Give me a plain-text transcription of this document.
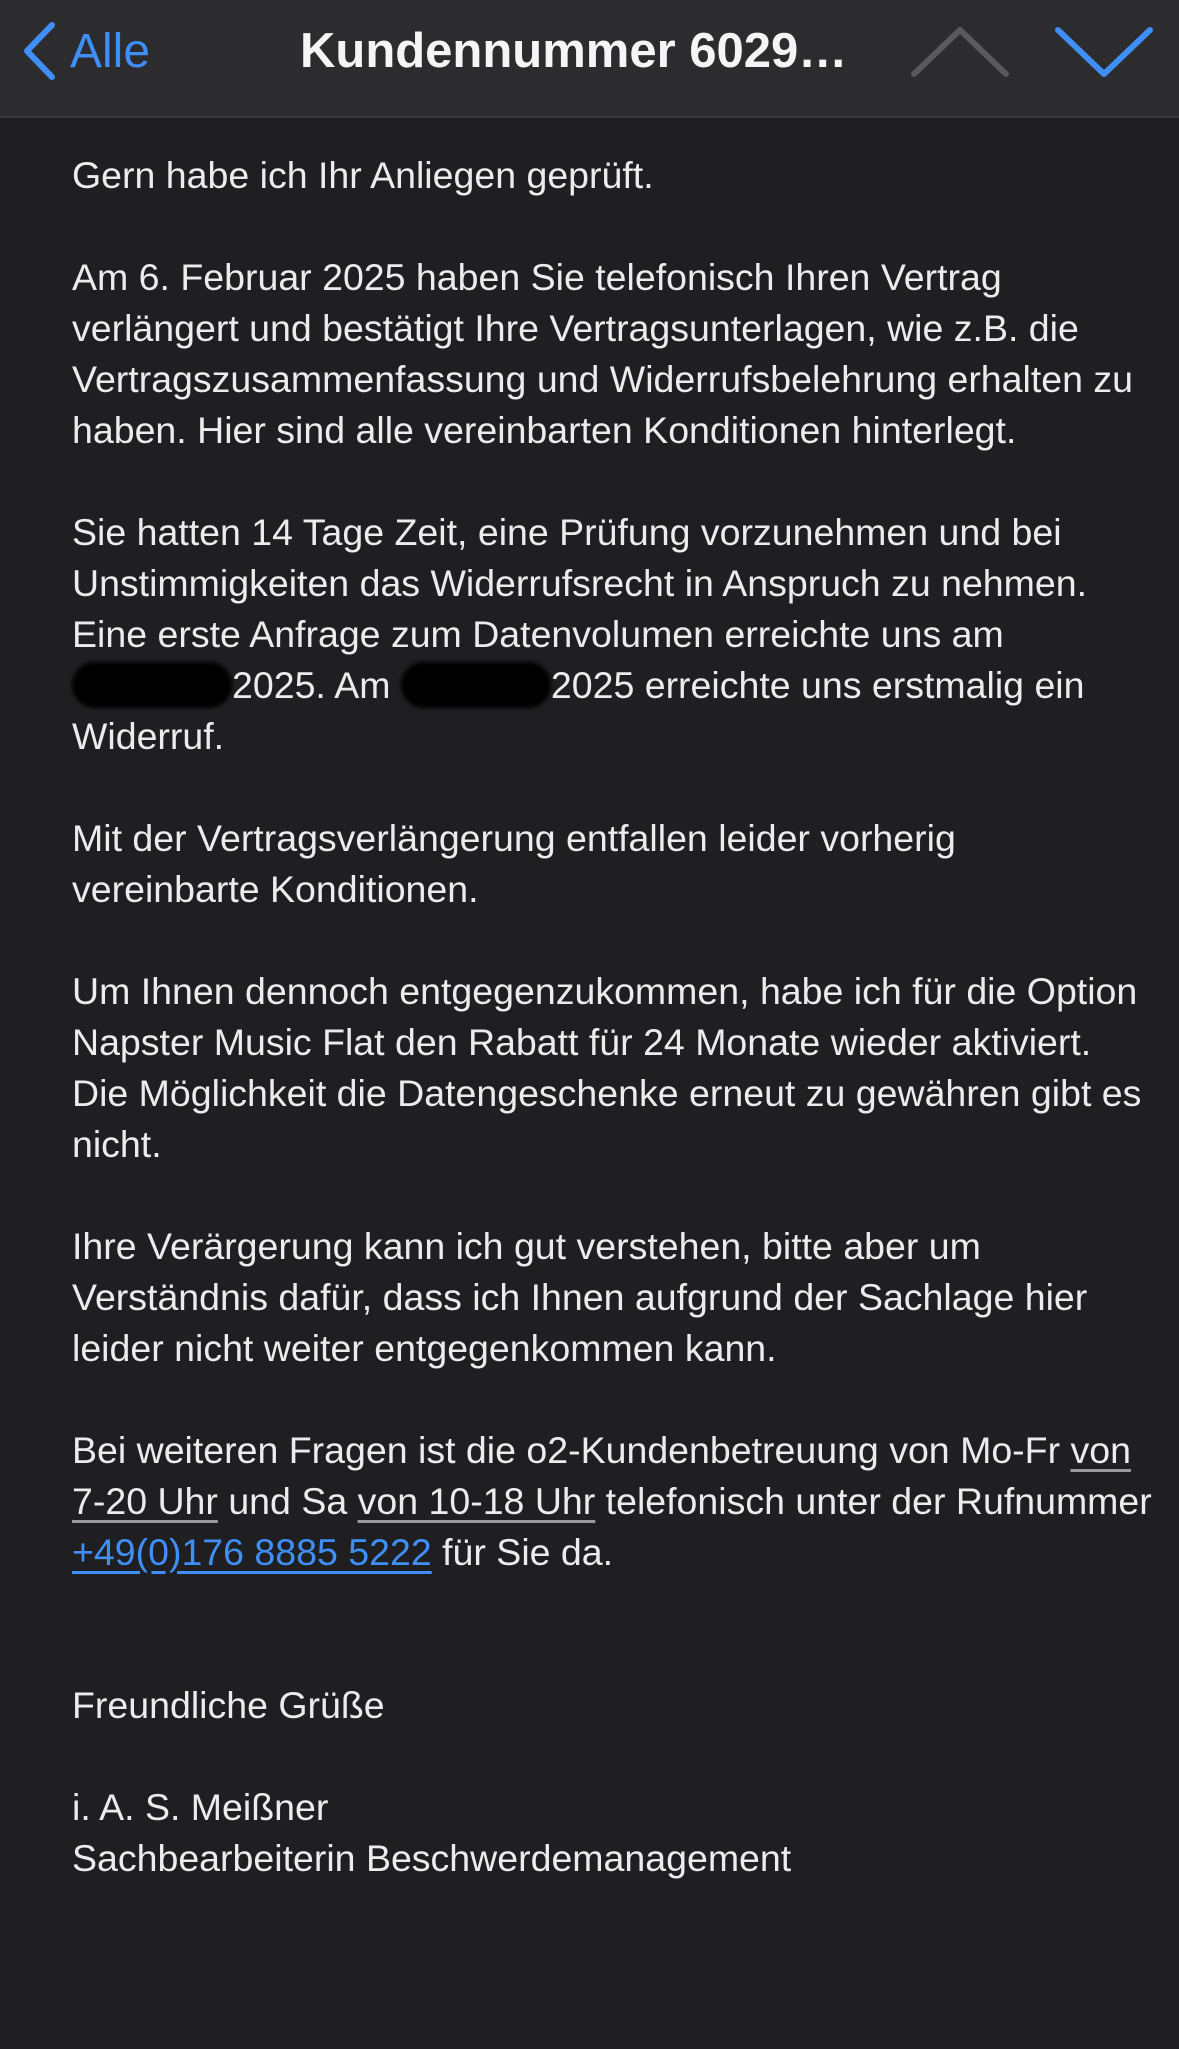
Alle	Kundennummer 6029…

Gern habe ich Ihr Anliegen geprüft.

Am 6. Februar 2025 haben Sie telefonisch Ihren Vertrag verlängert und bestätigt Ihre Vertragsunterlagen, wie z.B. die Vertragszusammenfassung und Widerrufsbelehrung erhalten zu haben. Hier sind alle vereinbarten Konditionen hinterlegt.

Sie hatten 14 Tage Zeit, eine Prüfung vorzunehmen und bei Unstimmigkeiten das Widerrufsrecht in Anspruch zu nehmen. Eine erste Anfrage zum Datenvolumen erreichte uns am2025. Am	2025 erreichte uns erstmalig ein Widerruf.

Mit der Vertragsverlängerung entfallen leider vorherig vereinbarte Konditionen.

Um Ihnen dennoch entgegenzukommen, habe ich für die Option Napster Music Flat den Rabatt für 24 Monate wieder aktiviert. Die Möglichkeit die Datengeschenke erneut zu gewähren gibt es nicht.

Ihre Verärgerung kann ich gut verstehen, bitte aber um Verständnis dafür, dass ich Ihnen aufgrund der Sachlage hier leider nicht weiter entgegenkommen kann.

Bei weiteren Fragen ist die o2-Kundenbetreuung von Mo-Fr von 7-20 Uhr und Sa von 10-18 Uhr telefonisch unter der Rufnummer +49(0)176 8885 5222 für Sie da.

Freundliche Grüße

i. A. S. Meißner

Sachbearbeiterin Beschwerdemanagement
